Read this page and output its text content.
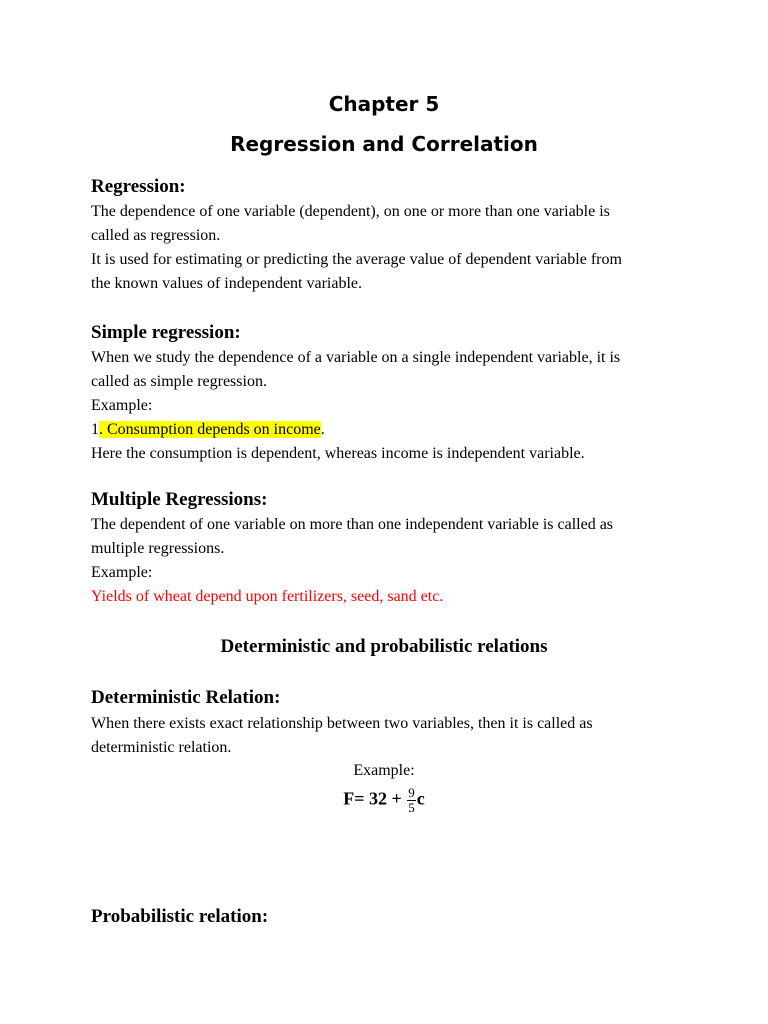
Chapter 5
Regression and Correlation
Regression:
The dependence of one variable (dependent), on one or more than one variable is
called as regression.
It is used for estimating or predicting the average value of dependent variable from
the known values of independent variable.
Simple regression:
When we study the dependence of a variable on a single independent variable, it is
called as simple regression.
Example:
1. Consumption depends on income.
Here the consumption is dependent, whereas income is independent variable.
Multiple Regressions:
The dependent of one variable on more than one independent variable is called as
multiple regressions.
Example:
Yields of wheat depend upon fertilizers, seed, sand etc.
Deterministic and probabilistic relations
Deterministic Relation:
When there exists exact relationship between two variables, then it is called as
deterministic relation.
Example:
$F= 32 + \frac{9}{5}$ c
Probabilistic relation:
